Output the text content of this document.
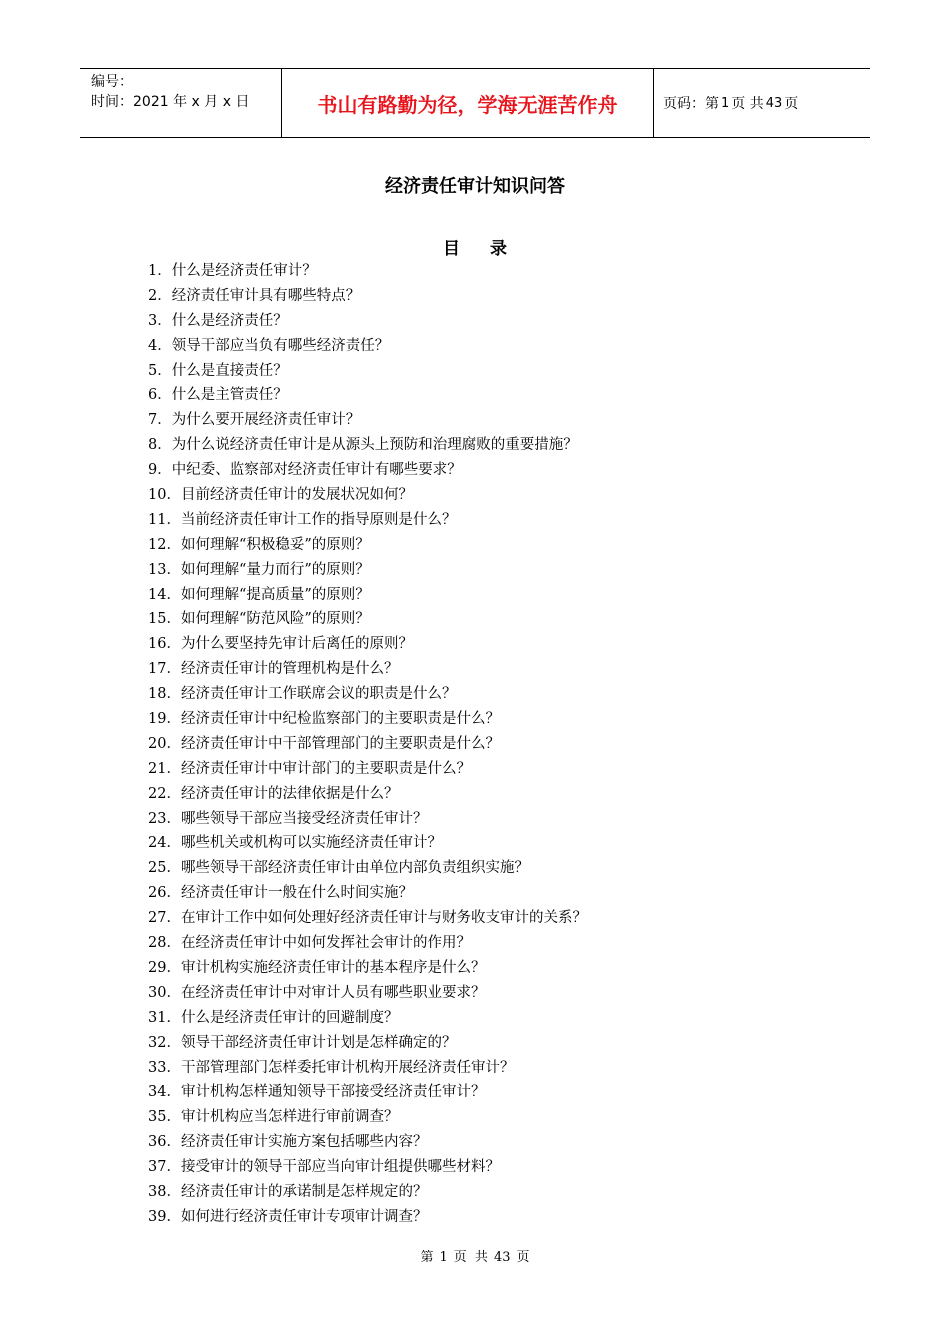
编号：
时间：2021 年 x 月 x 日	书山有路勤为径，学海无涯苦作舟	页码：第 1 页 共 43 页
经济责任审计知识问答
目录
1．什么是经济责任审计？
2．经济责任审计具有哪些特点？
3．什么是经济责任？
4．领导干部应当负有哪些经济责任？
5．什么是直接责任？
6．什么是主管责任？
7．为什么要开展经济责任审计？
8．为什么说经济责任审计是从源头上预防和治理腐败的重要措施？
9．中纪委、监察部对经济责任审计有哪些要求？
10．目前经济责任审计的发展状况如何？
11．当前经济责任审计工作的指导原则是什么？
12．如何理解“积极稳妥”的原则？
13．如何理解“量力而行”的原则？
14．如何理解“提高质量”的原则？
15．如何理解“防范风险”的原则？
16．为什么要坚持先审计后离任的原则？
17．经济责任审计的管理机构是什么？
18．经济责任审计工作联席会议的职责是什么？
19．经济责任审计中纪检监察部门的主要职责是什么？
20．经济责任审计中干部管理部门的主要职责是什么？
21．经济责任审计中审计部门的主要职责是什么？
22．经济责任审计的法律依据是什么？
23．哪些领导干部应当接受经济责任审计？
24．哪些机关或机构可以实施经济责任审计？
25．哪些领导干部经济责任审计由单位内部负责组织实施？
26．经济责任审计一般在什么时间实施？
27．在审计工作中如何处理好经济责任审计与财务收支审计的关系？
28．在经济责任审计中如何发挥社会审计的作用？
29．审计机构实施经济责任审计的基本程序是什么？
30．在经济责任审计中对审计人员有哪些职业要求？
31．什么是经济责任审计的回避制度？
32．领导干部经济责任审计计划是怎样确定的？
33．干部管理部门怎样委托审计机构开展经济责任审计？
34．审计机构怎样通知领导干部接受经济责任审计？
35．审计机构应当怎样进行审前调查？
36．经济责任审计实施方案包括哪些内容？
37．接受审计的领导干部应当向审计组提供哪些材料？
38．经济责任审计的承诺制是怎样规定的？
39．如何进行经济责任审计专项审计调查？
第 1 页 共 43 页
